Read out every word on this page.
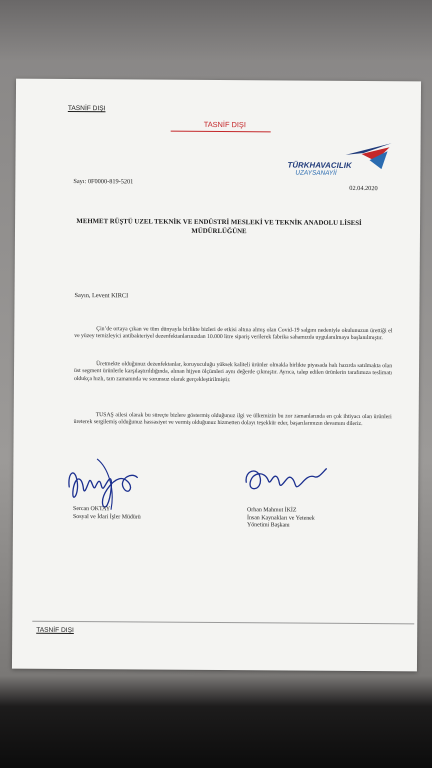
TASNİF DIŞI
TASNİF DIŞI
TÜRKHAVACILIK
UZAYSANAYİİ
Sayı: 0F0000-819-5201
02.04.2020
MEHMET RÜŞTÜ UZEL TEKNİK VE ENDÜSTRİ MESLEKİ VE TEKNİK ANADOLU LİSESİ MÜDÜRLÜĞÜNE
Sayın, Levent KIRCI
Çin’de ortaya çıkan ve tüm dünyayla birlikte bizleri de etkisi altına almış olan Covid-19 salgını nedeniyle okulunuzun ürettiği el ve yüzey temizleyici antibakteriyel dezenfektanlarınızdan 10.000 litre sipariş verilerek fabrika sahamızda uygulanılmaya başlanılmıştır.
Üretmekte olduğunuz dezenfektanlar, koruyuculuğu yüksek kaliteli ürünler olmakla birlikte piyasada halı hazırda satılmakta olan üst segment ürünlerle karşılaştırıldığında, alınan hijyen ölçümleri aynı değerde çıkmıştır. Ayrıca, talep edilen ürünlerin tarafımıza teslimatı oldukça hızlı, tam zamanında ve sorunsuz olarak gerçekleştirilmiştir.
TUSAŞ ailesi olarak bu süreçte bizlere göstermiş olduğunuz ilgi ve ülkemizin bu zor zamanlarında en çok ihtiyacı olan ürünleri üreterek sergilemiş olduğunuz hassasiyet ve vermiş olduğunuz hizmetten dolayı teşekkür eder, başarılarınızın devamını dileriz.
Sercan OKTAY
Sosyal ve İdari İşler Müdürü
Orhan Mahmut İKİZ
İnsan Kaynakları ve Yetenek
Yönetimi Başkanı
TASNİF DIŞI
